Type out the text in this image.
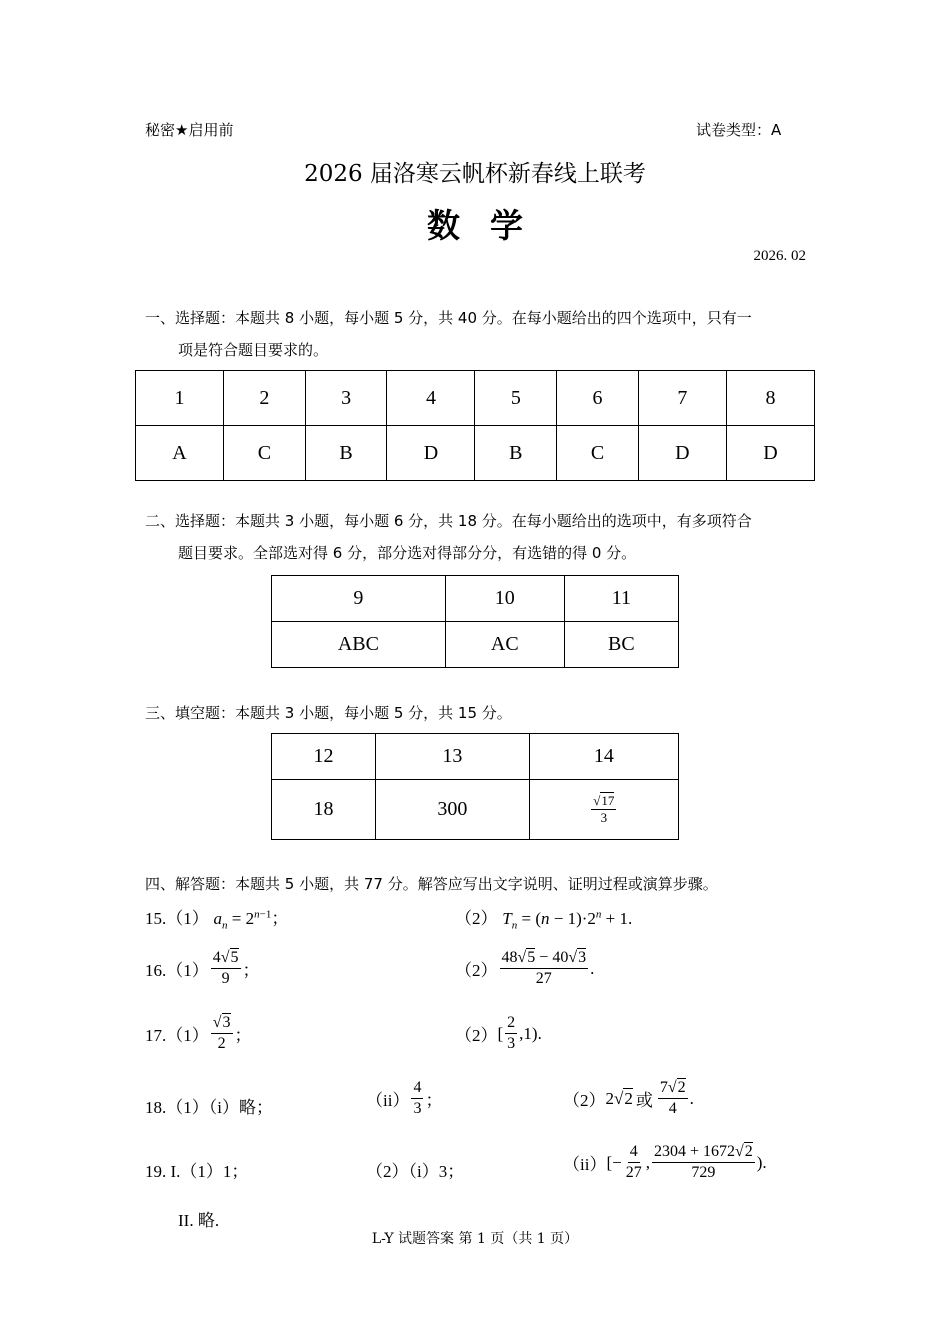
秘密★启用前	试卷类型：A
2026 届洛寒云帆杯新春线上联考
数学
2026. 02
一、选择题：本题共 8 小题，每小题 5 分，共 40 分。在每小题给出的四个选项中，只有一
项是符合题目要求的。
1	2	3	4	5	6	7	8
A	C	B	D	B	C	D	D
二、选择题：本题共 3 小题，每小题 6 分，共 18 分。在每小题给出的选项中，有多项符合
题目要求。全部选对得 6 分，部分选对得部分分，有选错的得 0 分。
9	10	11
ABC	AC	BC
三、填空题：本题共 3 小题，每小题 5 分，共 15 分。
12	13	14
18	300	$\frac{√17}{3}$
四、解答题：本题共 5 小题，共 77 分。解答应写出文字说明、证明过程或演算步骤。
15.（1） $a_n = 2^{n-1}$；	（2） $T_n = (n - 1)\cdot 2^n + 1$.
$16.(1) \frac{4√5}{9}$ ；	$(2) \frac{48√5 - 40√3}{27}$ .
$17.(1) \frac{√3}{2}$ ；	（2） [ $\frac{2}{3} ,1$) .
18.（1）（i）略；	$(ii) \frac{4}{3}$ ；	（2） 2√2 或 $\frac{7√2}{4}$ .
19. I.（1）1；	（2）（i）3；	（ii） [− $\frac{4}{27}$ , $\frac{2304 + 1672√2}{729}$ ).
II. 略.
L-Y 试题答案 第 1 页（共 1 页）
